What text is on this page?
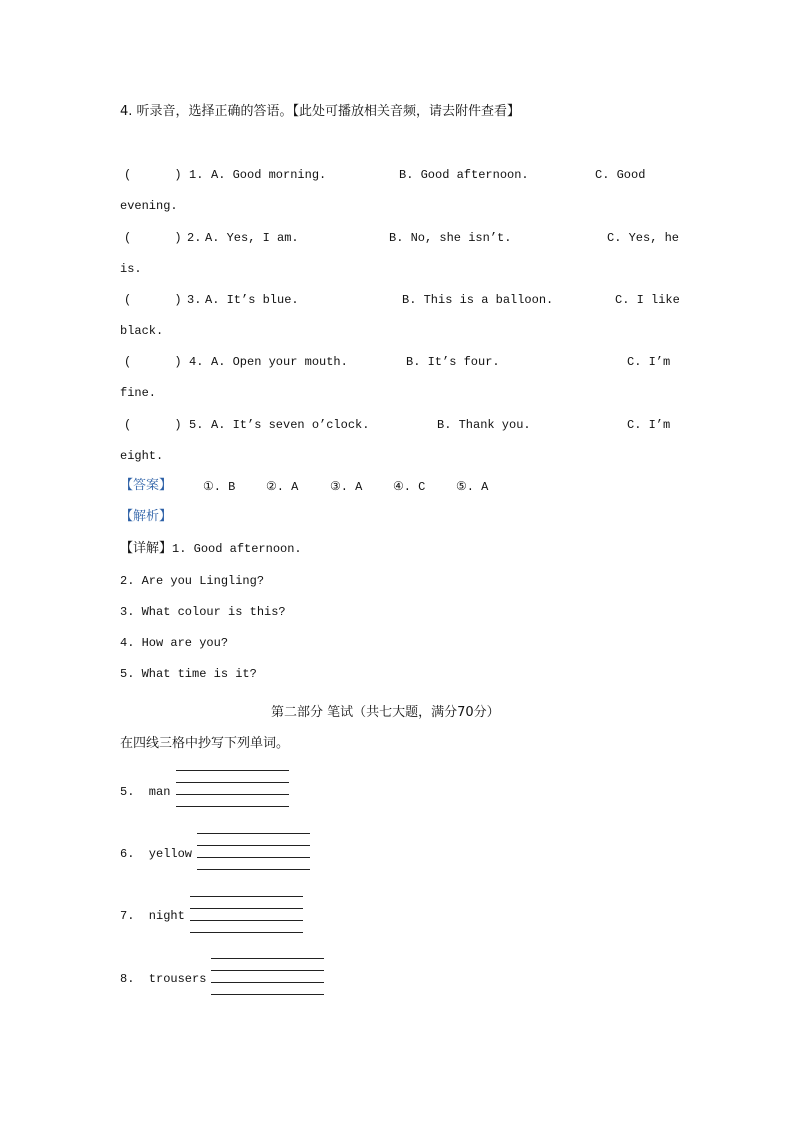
4. 听录音，选择正确的答语。【此处可播放相关音频，请去附件查看】
(      ) 1. A. Good morning.	B. Good afternoon.	C. Good
evening.
(      ) 2. A. Yes, I am.	B. No, she isn’t.	C. Yes, he
is.
(      ) 3. A. It’s blue.	B. This is a balloon.	C. I like
black.
(      ) 4. A. Open your mouth.	B. It’s four.	C. I’m
fine.
(      ) 5. A. It’s seven o’clock.	B. Thank you.	C. I’m
eight.
【答案】	①. B	②. A	③. A	④. C	⑤. A
【解析】
【详解】1. Good afternoon.
2. Are you Lingling?
3. What colour is this?
4. How are you?
5. What time is it?
第二部分 笔试（共七大题，满分70分）
在四线三格中抄写下列单词。
5.  man
6.  yellow
7.  night
8.  trousers
